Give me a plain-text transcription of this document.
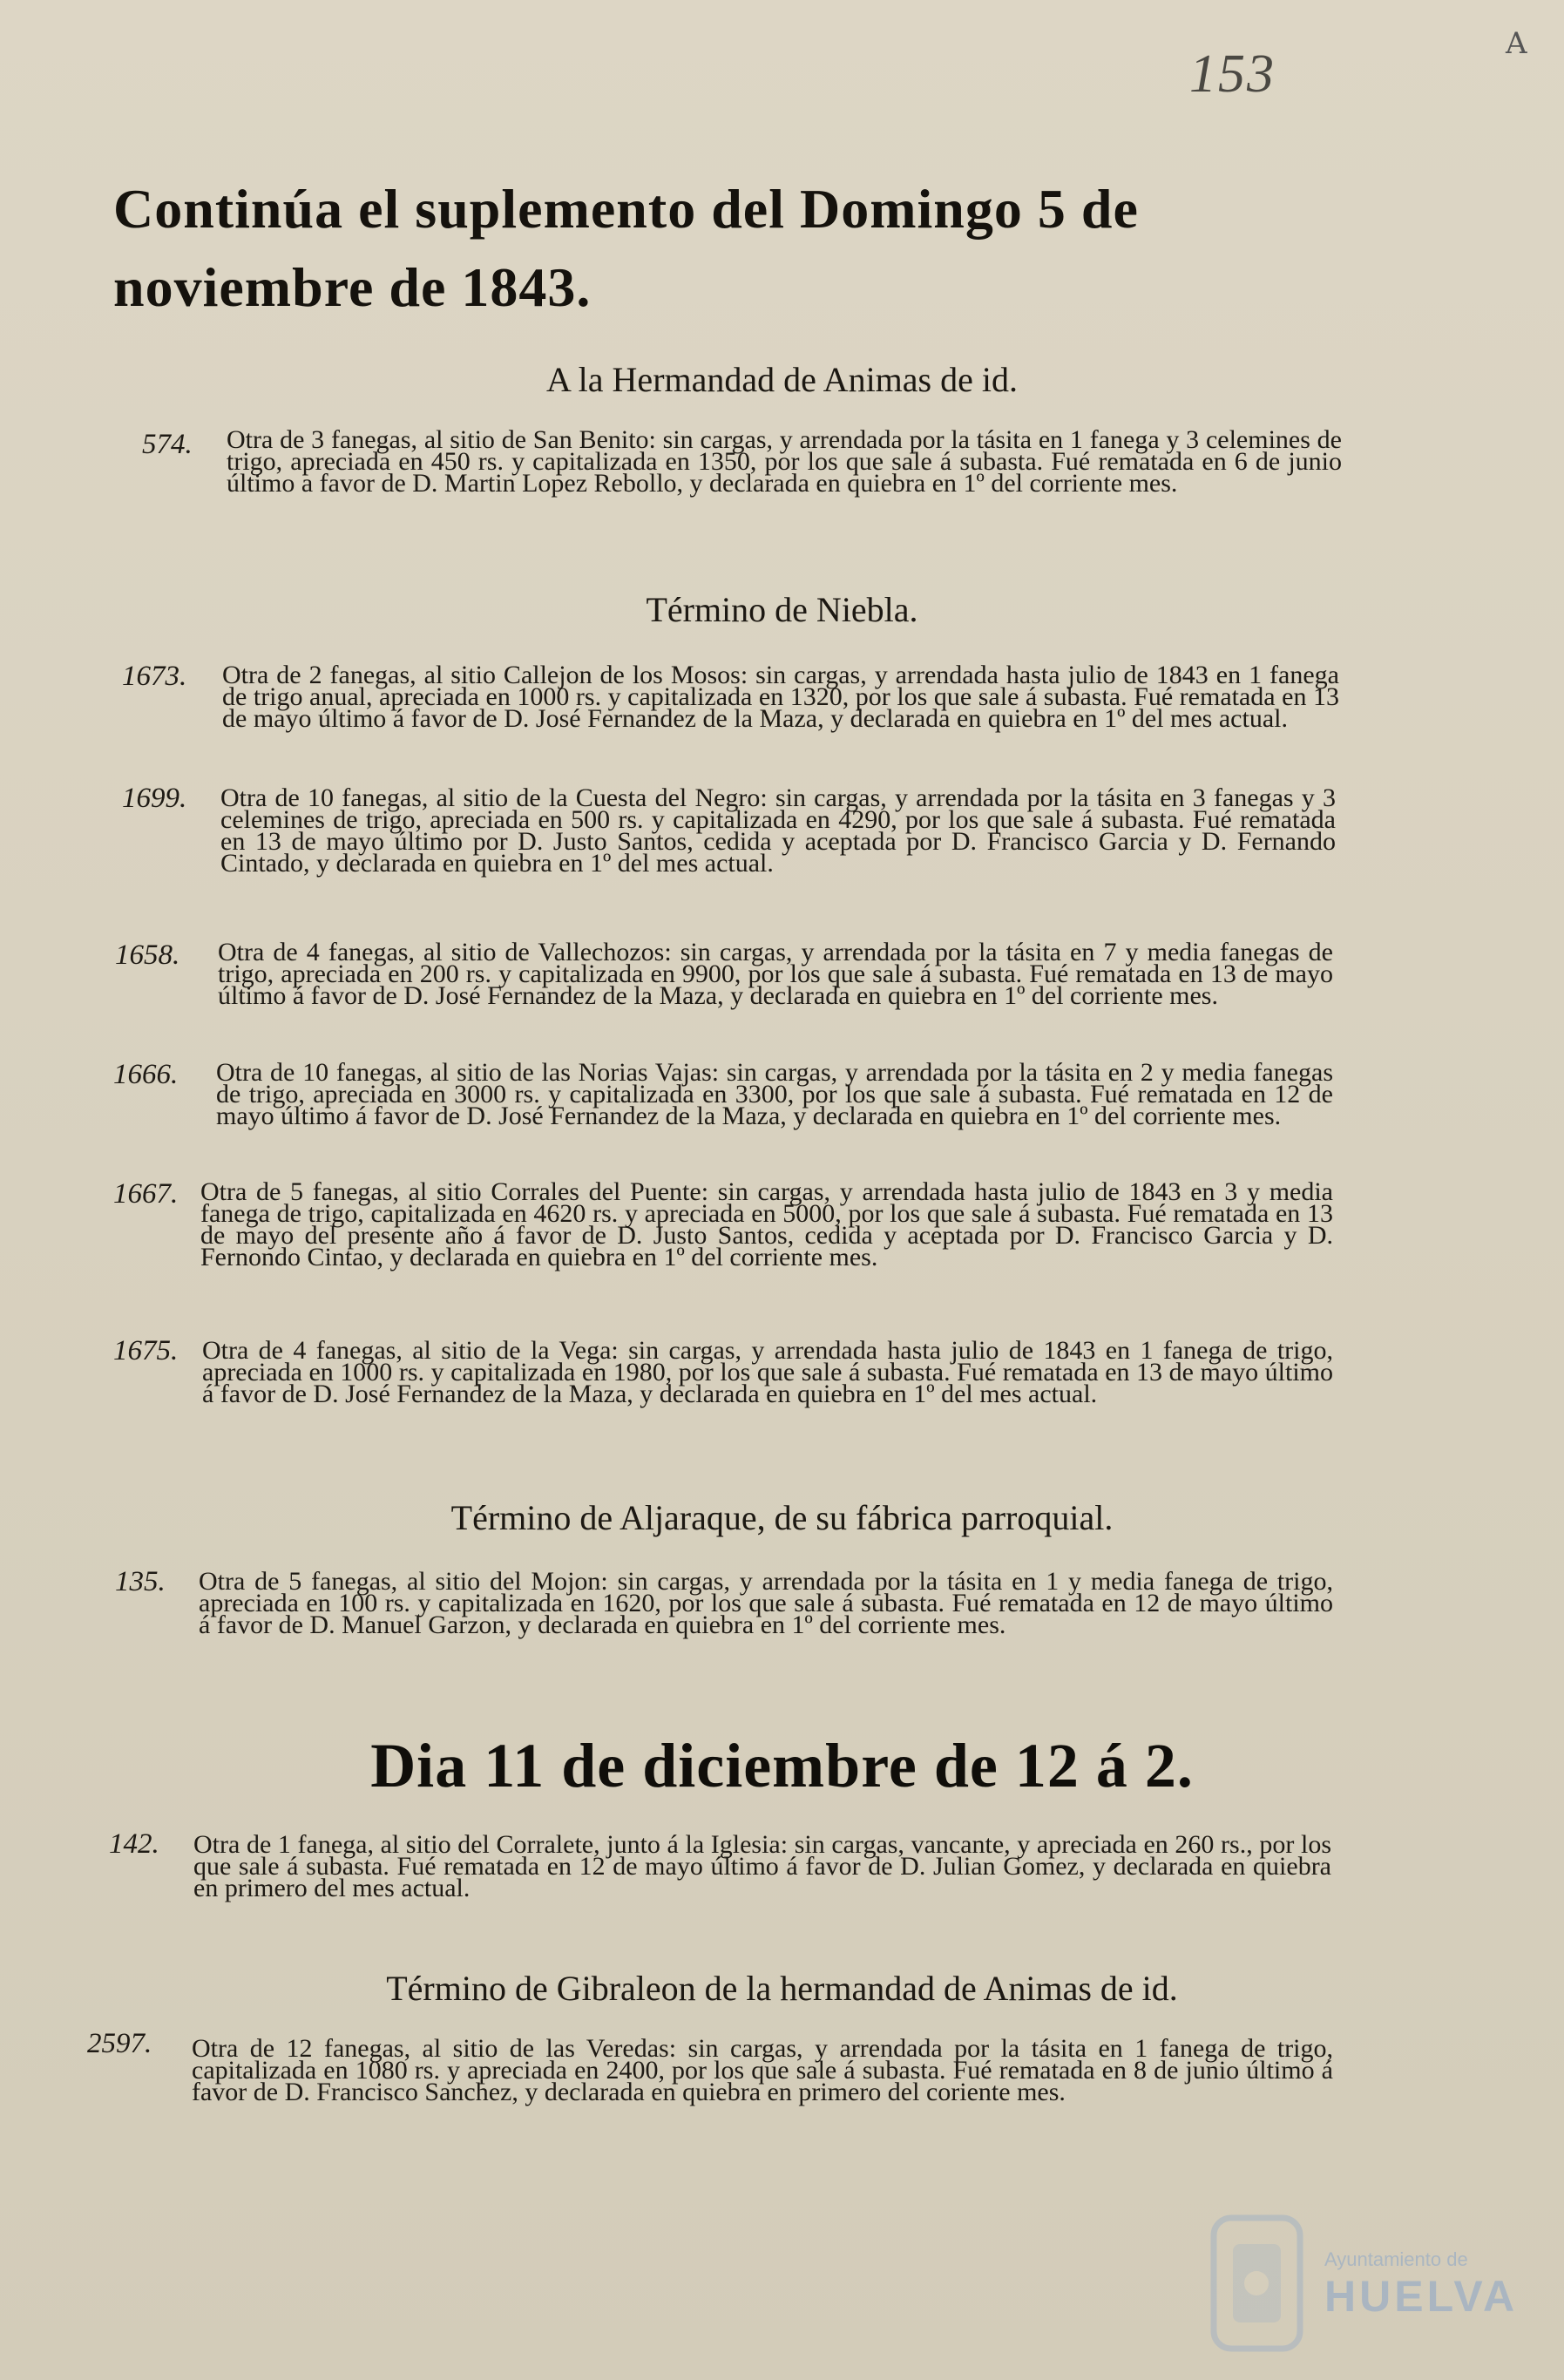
153
A
Continúa el suplemento del Domingo 5 de noviembre de 1843.
A la Hermandad de Animas de id.
574. Otra de 3 fanegas, al sitio de San Benito: sin cargas, y arrendada por la tásita en 1 fanega y 3 celemines de trigo, apreciada en 450 rs. y capitalizada en 1350, por los que sale á subasta. Fué rematada en 6 de junio último a favor de D. Martin Lopez Rebollo, y declarada en quiebra en 1º del corriente mes.
Término de Niebla.
1673. Otra de 2 fanegas, al sitio Callejon de los Mosos: sin cargas, y arrendada hasta julio de 1843 en 1 fanega de trigo anual, apreciada en 1000 rs. y capitalizada en 1320, por los que sale á subasta. Fué rematada en 13 de mayo último á favor de D. José Fernandez de la Maza, y declarada en quiebra en 1º del mes actual.
1699. Otra de 10 fanegas, al sitio de la Cuesta del Negro: sin cargas, y arrendada por la tásita en 3 fanegas y 3 celemines de trigo, apreciada en 500 rs. y capitalizada en 4290, por los que sale á subasta. Fué rematada en 13 de mayo último por D. Justo Santos, cedida y aceptada por D. Francisco Garcia y D. Fernando Cintado, y declarada en quiebra en 1º del mes actual.
1658. Otra de 4 fanegas, al sitio de Vallechozos: sin cargas, y arrendada por la tásita en 7 y media fanegas de trigo, apreciada en 200 rs. y capitalizada en 9900, por los que sale á subasta. Fué rematada en 13 de mayo último á favor de D. José Fernandez de la Maza, y declarada en quiebra en 1º del corriente mes.
1666. Otra de 10 fanegas, al sitio de las Norias Vajas: sin cargas, y arrendada por la tásita en 2 y media fanegas de trigo, apreciada en 3000 rs. y capitalizada en 3300, por los que sale á subasta. Fué rematada en 12 de mayo último á favor de D. José Fernandez de la Maza, y declarada en quiebra en 1º del corriente mes.
1667. Otra de 5 fanegas, al sitio Corrales del Puente: sin cargas, y arrendada hasta julio de 1843 en 3 y media fanega de trigo, capitalizada en 4620 rs. y apreciada en 5000, por los que sale á subasta. Fué rematada en 13 de mayo del presente año á favor de D. Justo Santos, cedida y aceptada por D. Francisco Garcia y D. Fernondo Cintao, y declarada en quiebra en 1º del corriente mes.
1675. Otra de 4 fanegas, al sitio de la Vega: sin cargas, y arrendada hasta julio de 1843 en 1 fanega de trigo, apreciada en 1000 rs. y capitalizada en 1980, por los que sale á subasta. Fué rematada en 13 de mayo último á favor de D. José Fernandez de la Maza, y declarada en quiebra en 1º del mes actual.
Término de Aljaraque, de su fábrica parroquial.
135. Otra de 5 fanegas, al sitio del Mojon: sin cargas, y arrendada por la tásita en 1 y media fanega de trigo, apreciada en 100 rs. y capitalizada en 1620, por los que sale á subasta. Fué rematada en 12 de mayo último á favor de D. Manuel Garzon, y declarada en quiebra en 1º del corriente mes.
Dia 11 de diciembre de 12 á 2.
142. Otra de 1 fanega, al sitio del Corralete, junto á la Iglesia: sin cargas, vancante, y apreciada en 260 rs., por los que sale á subasta. Fué rematada en 12 de mayo último á favor de D. Julian Gomez, y declarada en quiebra en primero del mes actual.
Término de Gibraleon de la hermandad de Animas de id.
2597. Otra de 12 fanegas, al sitio de las Veredas: sin cargas, y arrendada por la tásita en 1 fanega de trigo, capitalizada en 1080 rs. y apreciada en 2400, por los que sale á subasta. Fué rematada en 8 de junio último á favor de D. Francisco Sanchez, y declarada en quiebra en primero del coriente mes.
Ayuntamiento de
HUELVA
